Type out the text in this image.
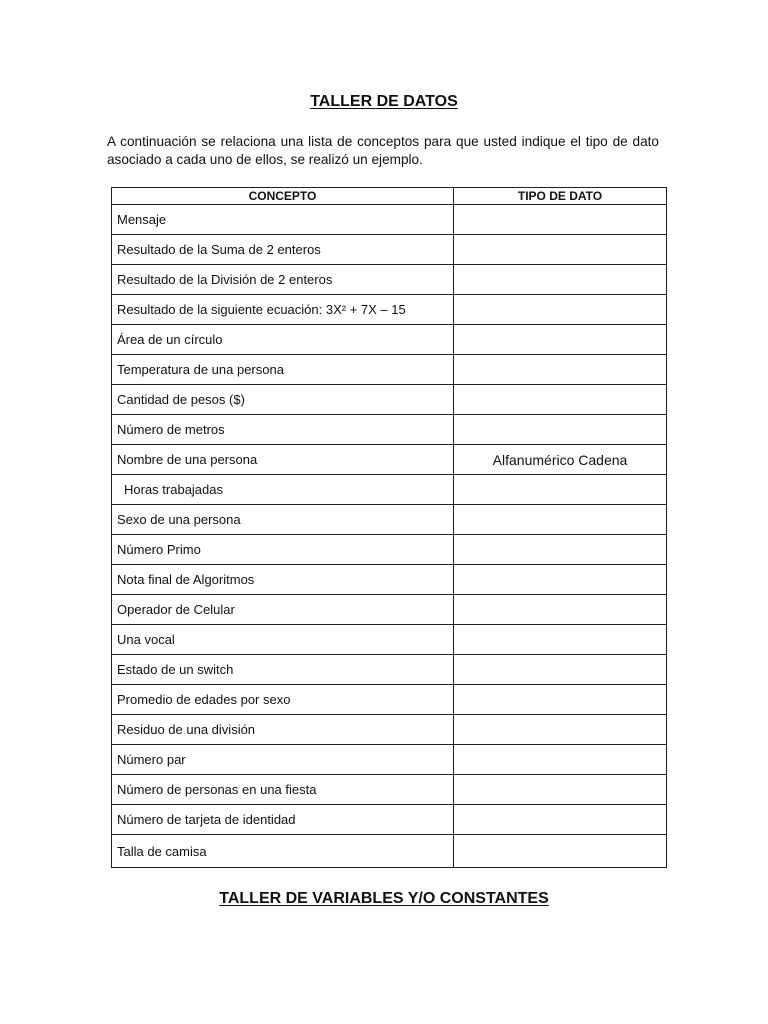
TALLER DE DATOS
A continuación se relaciona una lista de conceptos para que usted indique el tipo de dato asociado a cada uno de ellos, se realizó un ejemplo.
CONCEPTO	TIPO DE DATO
Mensaje	
Resultado de la Suma de 2 enteros	
Resultado de la División de 2 enteros	
Resultado de la siguiente ecuación: 3X² + 7X – 15	
Área de un círculo	
Temperatura de una persona	
Cantidad de pesos ($)	
Número de metros	
Nombre de una persona	Alfanumérico Cadena
Horas trabajadas	
Sexo de una persona	
Número Primo	
Nota final de Algoritmos	
Operador de Celular	
Una vocal	
Estado de un switch	
Promedio de edades por sexo	
Residuo de una división	
Número par	
Número de personas en una fiesta	
Número de tarjeta de identidad	
Talla de camisa	
TALLER DE VARIABLES Y/O CONSTANTES
